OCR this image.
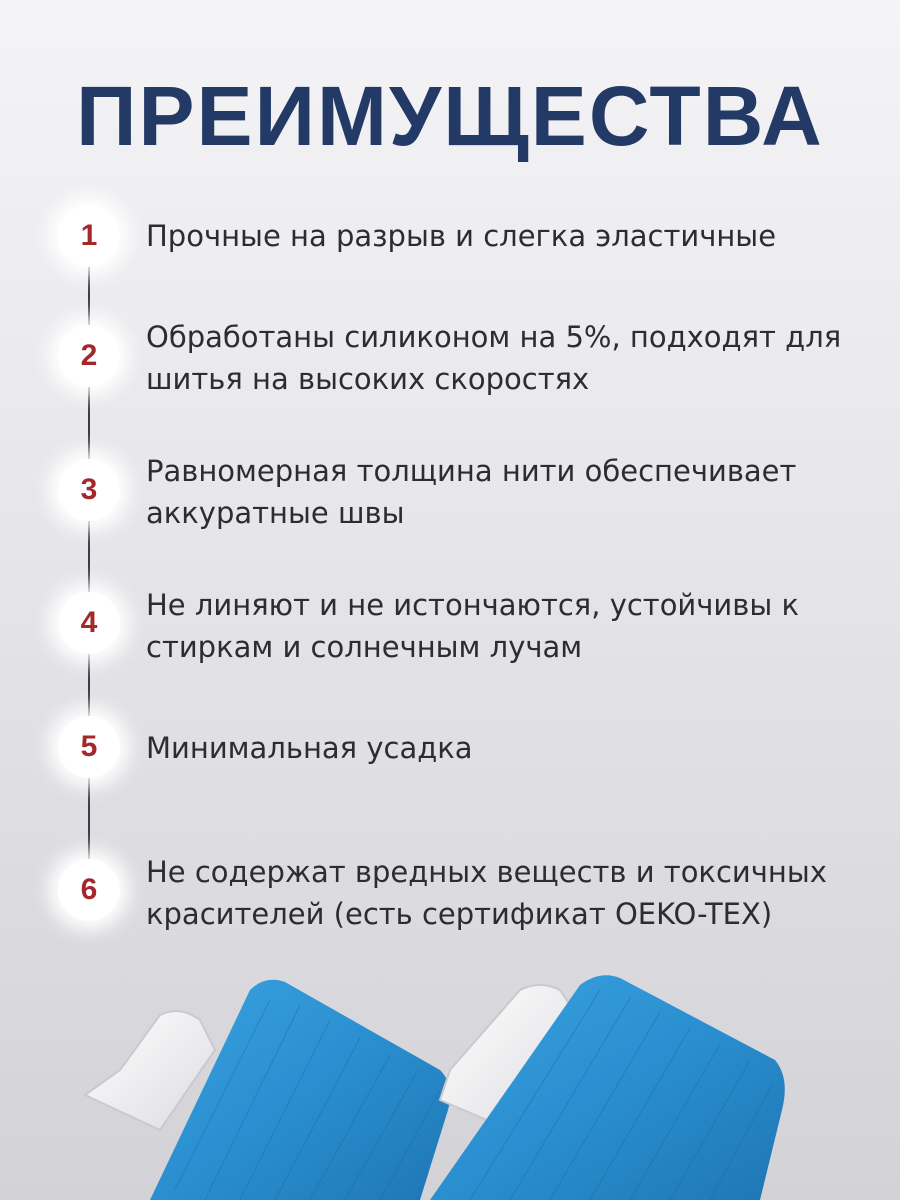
ПРЕИМУЩЕСТВА
1	Прочные на разрыв и слегка эластичные
2
Обработаны силиконом на 5%, подходят для шитья на высоких скоростях
3
Равномерная толщина нити обеспечивает аккуратные швы
4
Не линяют и не истончаются, устойчивы к стиркам и солнечным лучам
5	Минимальная усадка
6
Не содержат вредных веществ и токсичных красителей (есть сертификат OEKO-TEX)
